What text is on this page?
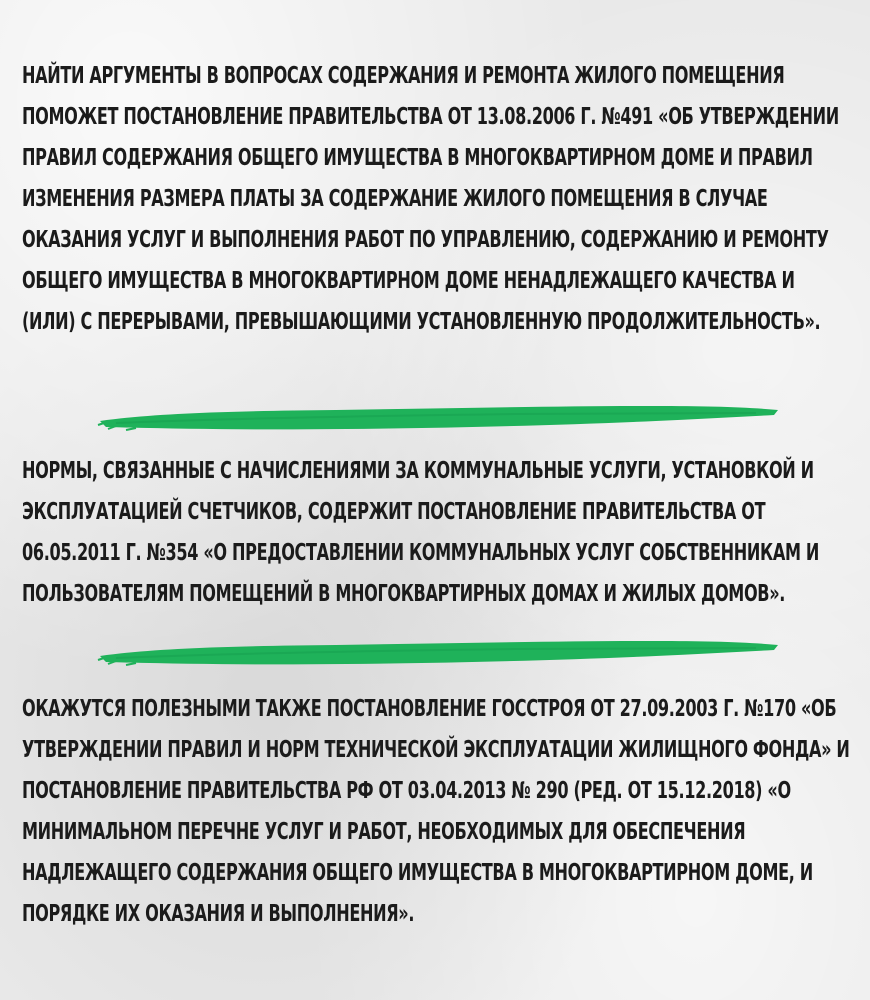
НАЙТИ АРГУМЕНТЫ В ВОПРОСАХ СОДЕРЖАНИЯ И РЕМОНТА ЖИЛОГО ПОМЕЩЕНИЯ ПОМОЖЕТ ПОСТАНОВЛЕНИЕ ПРАВИТЕЛЬСТВА ОТ 13.08.2006 Г. №491 «ОБ УТВЕРЖДЕНИИ ПРАВИЛ СОДЕРЖАНИЯ ОБЩЕГО ИМУЩЕСТВА В МНОГОКВАРТИРНОМ ДОМЕ И ПРАВИЛ ИЗМЕНЕНИЯ РАЗМЕРА ПЛАТЫ ЗА СОДЕРЖАНИЕ ЖИЛОГО ПОМЕЩЕНИЯ В СЛУЧАЕ ОКАЗАНИЯ УСЛУГ И ВЫПОЛНЕНИЯ РАБОТ ПО УПРАВЛЕНИЮ, СОДЕРЖАНИЮ И РЕМОНТУ ОБЩЕГО ИМУЩЕСТВА В МНОГОКВАРТИРНОМ ДОМЕ НЕНАДЛЕЖАЩЕГО КАЧЕСТВА И (ИЛИ) С ПЕРЕРЫВАМИ, ПРЕВЫШАЮЩИМИ УСТАНОВЛЕННУЮ ПРОДОЛЖИТЕЛЬНОСТЬ».

НОРМЫ, СВЯЗАННЫЕ С НАЧИСЛЕНИЯМИ ЗА КОММУНАЛЬНЫЕ УСЛУГИ, УСТАНОВКОЙ И ЭКСПЛУАТАЦИЕЙ СЧЕТЧИКОВ, СОДЕРЖИТ ПОСТАНОВЛЕНИЕ ПРАВИТЕЛЬСТВА ОТ 06.05.2011 Г. №354 «О ПРЕДОСТАВЛЕНИИ КОММУНАЛЬНЫХ УСЛУГ СОБСТВЕННИКАМ И ПОЛЬЗОВАТЕЛЯМ ПОМЕЩЕНИЙ В МНОГОКВАРТИРНЫХ ДОМАХ И ЖИЛЫХ ДОМОВ».

ОКАЖУТСЯ ПОЛЕЗНЫМИ ТАКЖЕ ПОСТАНОВЛЕНИЕ ГОССТРОЯ ОТ 27.09.2003 Г. №170 «ОБ УТВЕРЖДЕНИИ ПРАВИЛ И НОРМ ТЕХНИЧЕСКОЙ ЭКСПЛУАТАЦИИ ЖИЛИЩНОГО ФОНДА» И ПОСТАНОВЛЕНИЕ ПРАВИТЕЛЬСТВА РФ ОТ 03.04.2013 № 290 (РЕД. ОТ 15.12.2018) «О МИНИМАЛЬНОМ ПЕРЕЧНЕ УСЛУГ И РАБОТ, НЕОБХОДИМЫХ ДЛЯ ОБЕСПЕЧЕНИЯ НАДЛЕЖАЩЕГО СОДЕРЖАНИЯ ОБЩЕГО ИМУЩЕСТВА В МНОГОКВАРТИРНОМ ДОМЕ, И ПОРЯДКЕ ИХ ОКАЗАНИЯ И ВЫПОЛНЕНИЯ».
